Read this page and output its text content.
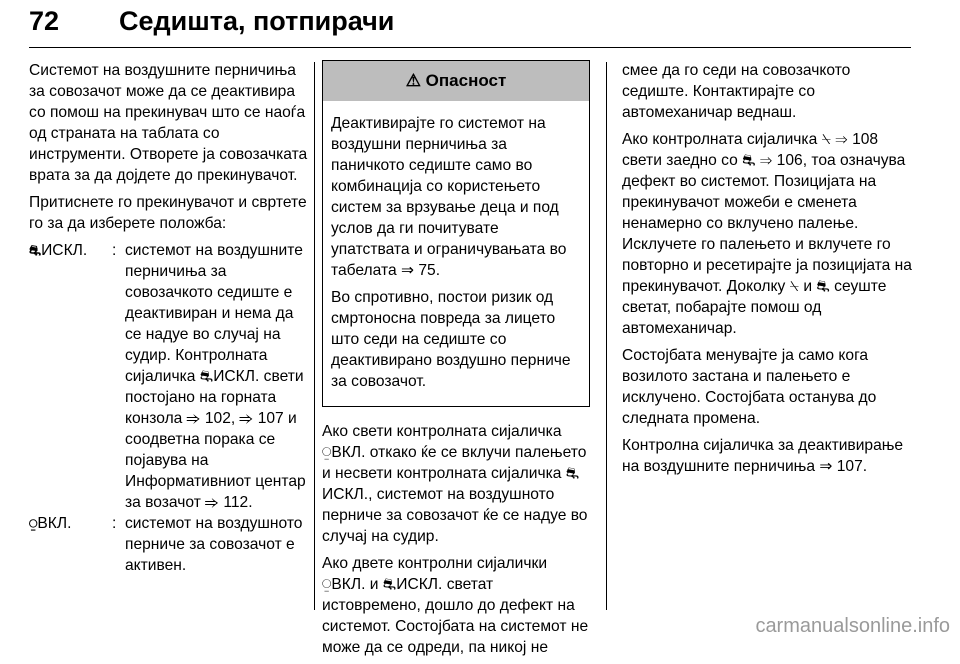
72 Седишта, потпирачи

Системот на воздушните перничиња за совозачот може да се деактивира со помош на прекинувач што се наоѓа од страната на таблата со инструменти. Отворете ја совозачката врата за да дојдете до прекинувачот.

Притиснете го прекинувачот и свртете го за да изберете положба:

⛐ИСКЛ.	: системот на воздушните перничиња за совозачкото седиште е деактивиран и нема да се надуе во случај на судир. Контролната сијаличка ⛐ИСКЛ. свети постојано на горната конзола ⇒ 102, ⇒ 107 и соодветна порака се појавува на Информативниот центар за возачот ⇒ 112.
⍜ВКЛ.	: системот на воздушното перниче за совозачот е активен.
⚠ Опасност

Деактивирајте го системот на воздушни перничиња за паничкото седиште само во комбинација со користењето систем за врзување деца и под услов да ги почитувате упатствата и ограничувањата во табелата ⇒ 75.

Во спротивно, постои ризик од смртоносна повреда за лицето што седи на седиште со деактивирано воздушно перниче за совозачот.

Ако свети контролната сијаличка ⍜ВКЛ. откако ќе се вклучи палењето и несвети контролната сијаличка ⛐ИСКЛ., системот на воздушното перниче за совозачот ќе се надуе во случај на судир.

Ако двете контролни сијалички ⍜ВКЛ. и ⛐ИСКЛ. светат истовремено, дошло до дефект на системот. Состојбата на системот не може да се одреди, па никој не

смее да го седи на совозачкото седиште. Контактирајте со автомеханичар веднаш.

Ако контролната сијаличка ⍀ ⇒ 108 свети заедно со ⛐ ⇒ 106, тоа означува дефект во системот. Позицијата на прекинувачот можеби е сменета ненамерно со вклучено палење. Исклучете го палењето и вклучете го повторно и ресетирајте ја позицијата на прекинувачот. Доколку ⍀ и ⛐ сеуште светат, побарајте помош од автомеханичар.

Состојбата менувајте ја само кога возилото застана и палењето е исклучено. Состојбата останува до следната промена.

Контролна сијаличка за деактивирање на воздушните перничиња ⇒ 107.

carmanualsonline.info
